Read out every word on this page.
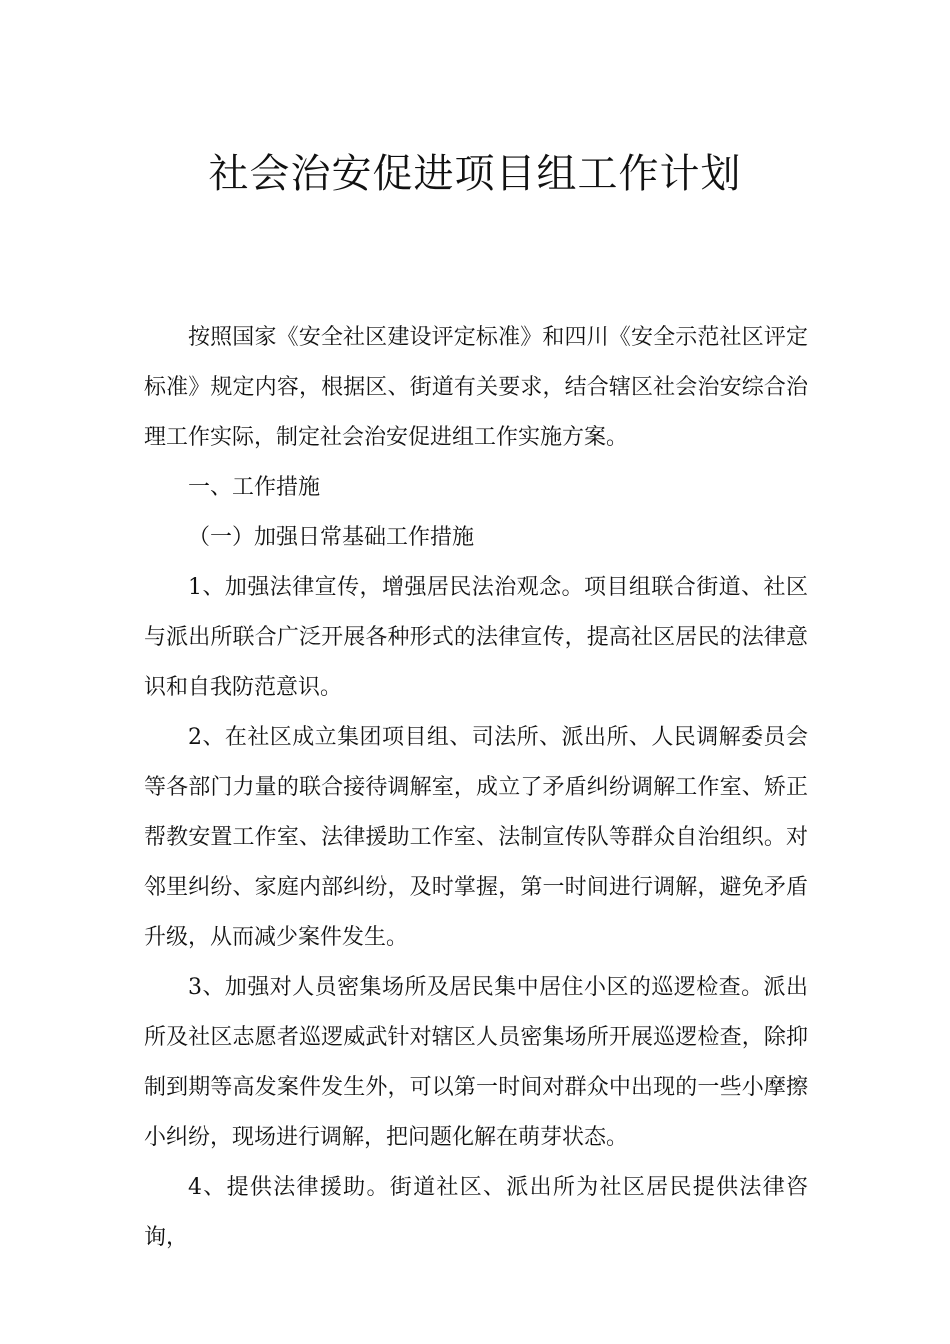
社会治安促进项目组工作计划

按照国家《安全社区建设评定标准》和四川《安全示范社区评定标准》规定内容，根据区、街道有关要求，结合辖区社会治安综合治理工作实际，制定社会治安促进组工作实施方案。

一、工作措施

（一）加强日常基础工作措施

1、加强法律宣传，增强居民法治观念。项目组联合街道、社区与派出所联合广泛开展各种形式的法律宣传，提高社区居民的法律意识和自我防范意识。

2、在社区成立集团项目组、司法所、派出所、人民调解委员会等各部门力量的联合接待调解室，成立了矛盾纠纷调解工作室、矫正帮教安置工作室、法律援助工作室、法制宣传队等群众自治组织。对邻里纠纷、家庭内部纠纷，及时掌握，第一时间进行调解，避免矛盾升级，从而减少案件发生。

3、加强对人员密集场所及居民集中居住小区的巡逻检查。派出所及社区志愿者巡逻威武针对辖区人员密集场所开展巡逻检查，除抑制到期等高发案件发生外，可以第一时间对群众中出现的一些小摩擦小纠纷，现场进行调解，把问题化解在萌芽状态。

4、提供法律援助。街道社区、派出所为社区居民提供法律咨询，
